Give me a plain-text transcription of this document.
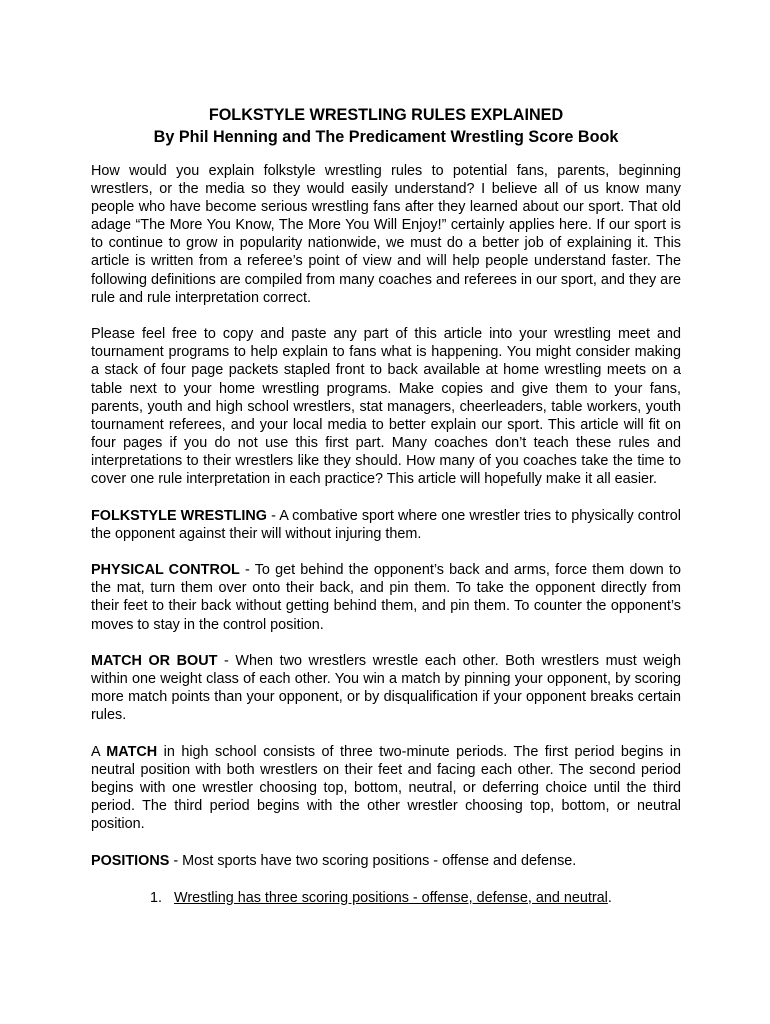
FOLKSTYLE WRESTLING RULES EXPLAINED
By Phil Henning and The Predicament Wrestling Score Book

How would you explain folkstyle wrestling rules to potential fans, parents, beginning wrestlers, or the media so they would easily understand? I believe all of us know many people who have become serious wrestling fans after they learned about our sport. That old adage “The More You Know, The More You Will Enjoy!” certainly applies here. If our sport is to continue to grow in popularity nationwide, we must do a better job of explaining it. This article is written from a referee’s point of view and will help people understand faster. The following definitions are compiled from many coaches and referees in our sport, and they are rule and rule interpretation correct.

Please feel free to copy and paste any part of this article into your wrestling meet and tournament programs to help explain to fans what is happening. You might consider making a stack of four page packets stapled front to back available at home wrestling meets on a table next to your home wrestling programs. Make copies and give them to your fans, parents, youth and high school wrestlers, stat managers, cheerleaders, table workers, youth tournament referees, and your local media to better explain our sport. This article will fit on four pages if you do not use this first part. Many coaches don’t teach these rules and interpretations to their wrestlers like they should. How many of you coaches take the time to cover one rule interpretation in each practice? This article will hopefully make it all easier.

FOLKSTYLE WRESTLING - A combative sport where one wrestler tries to physically control the opponent against their will without injuring them.

PHYSICAL CONTROL - To get behind the opponent’s back and arms, force them down to the mat, turn them over onto their back, and pin them. To take the opponent directly from their feet to their back without getting behind them, and pin them. To counter the opponent’s moves to stay in the control position.

MATCH OR BOUT - When two wrestlers wrestle each other. Both wrestlers must weigh within one weight class of each other. You win a match by pinning your opponent, by scoring more match points than your opponent, or by disqualification if your opponent breaks certain rules.

A MATCH in high school consists of three two-minute periods. The first period begins in neutral position with both wrestlers on their feet and facing each other. The second period begins with one wrestler choosing top, bottom, neutral, or deferring choice until the third period. The third period begins with the other wrestler choosing top, bottom, or neutral position.

POSITIONS - Most sports have two scoring positions - offense and defense.

1. Wrestling has three scoring positions - offense, defense, and neutral.
